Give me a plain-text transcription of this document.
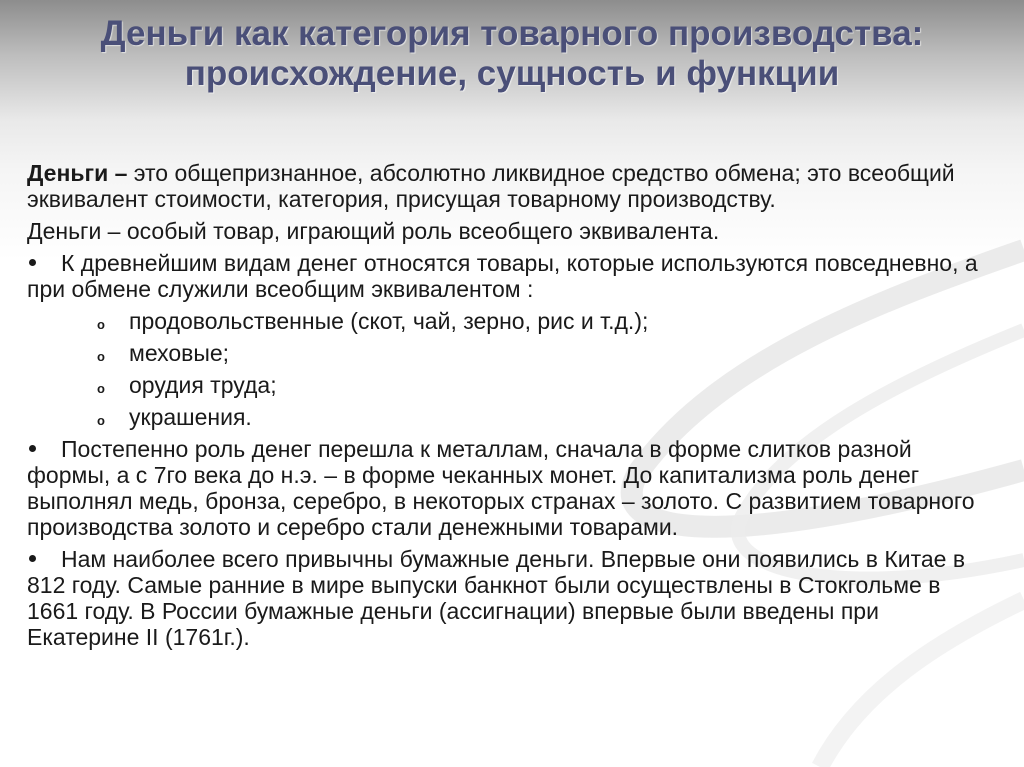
Деньги как категория товарного производства: происхождение, сущность и функции

Деньги – это общепризнанное, абсолютно ликвидное средство обмена; это всеобщий эквивалент стоимости, категория, присущая товарному производству.

Деньги – особый товар, играющий роль всеобщего эквивалента.

К древнейшим видам денег относятся товары, которые используются повседневно, а при обмене служили всеобщим эквивалентом :

o продовольственные (скот, чай, зерно, рис и т.д.);

o меховые;

o орудия труда;

o украшения.

Постепенно роль денег перешла к металлам, сначала в форме слитков разной формы, а с 7го века до н.э. – в форме чеканных монет. До капитализма роль денег выполнял медь, бронза, серебро, в некоторых странах – золото. С развитием товарного производства золото и серебро стали денежными товарами.

Нам наиболее всего привычны бумажные деньги. Впервые они появились в Китае в 812 году. Самые ранние в мире выпуски банкнот были осуществлены в Стокгольме в 1661 году. В России бумажные деньги (ассигнации) впервые были введены при Екатерине II (1761г.).
